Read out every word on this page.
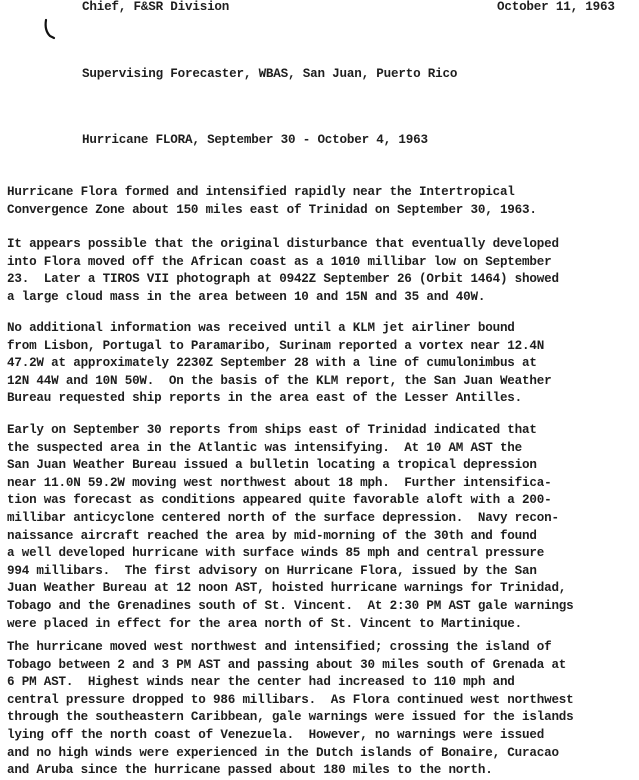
Chief, F&SR Division	October 11, 1963
Supervising Forecaster, WBAS, San Juan, Puerto Rico
Hurricane FLORA, September 30 - October 4, 1963
Hurricane Flora formed and intensified rapidly near the Intertropical
Convergence Zone about 150 miles east of Trinidad on September 30, 1963.
It appears possible that the original disturbance that eventually developed
into Flora moved off the African coast as a 1010 millibar low on September
23.  Later a TIROS VII photograph at 0942Z September 26 (Orbit 1464) showed
a large cloud mass in the area between 10 and 15N and 35 and 40W.
No additional information was received until a KLM jet airliner bound
from Lisbon, Portugal to Paramaribo, Surinam reported a vortex near 12.4N
47.2W at approximately 2230Z September 28 with a line of cumulonimbus at
12N 44W and 10N 50W.  On the basis of the KLM report, the San Juan Weather
Bureau requested ship reports in the area east of the Lesser Antilles.
Early on September 30 reports from ships east of Trinidad indicated that
the suspected area in the Atlantic was intensifying.  At 10 AM AST the
San Juan Weather Bureau issued a bulletin locating a tropical depression
near 11.0N 59.2W moving west northwest about 18 mph.  Further intensifica-
tion was forecast as conditions appeared quite favorable aloft with a 200-
millibar anticyclone centered north of the surface depression.  Navy recon-
naissance aircraft reached the area by mid-morning of the 30th and found
a well developed hurricane with surface winds 85 mph and central pressure
994 millibars.  The first advisory on Hurricane Flora, issued by the San
Juan Weather Bureau at 12 noon AST, hoisted hurricane warnings for Trinidad,
Tobago and the Grenadines south of St. Vincent.  At 2:30 PM AST gale warnings
were placed in effect for the area north of St. Vincent to Martinique.
The hurricane moved west northwest and intensified; crossing the island of
Tobago between 2 and 3 PM AST and passing about 30 miles south of Grenada at
6 PM AST.  Highest winds near the center had increased to 110 mph and
central pressure dropped to 986 millibars.  As Flora continued west northwest
through the southeastern Caribbean, gale warnings were issued for the islands
lying off the north coast of Venezuela.  However, no warnings were issued
and no high winds were experienced in the Dutch islands of Bonaire, Curacao
and Aruba since the hurricane passed about 180 miles to the north.
